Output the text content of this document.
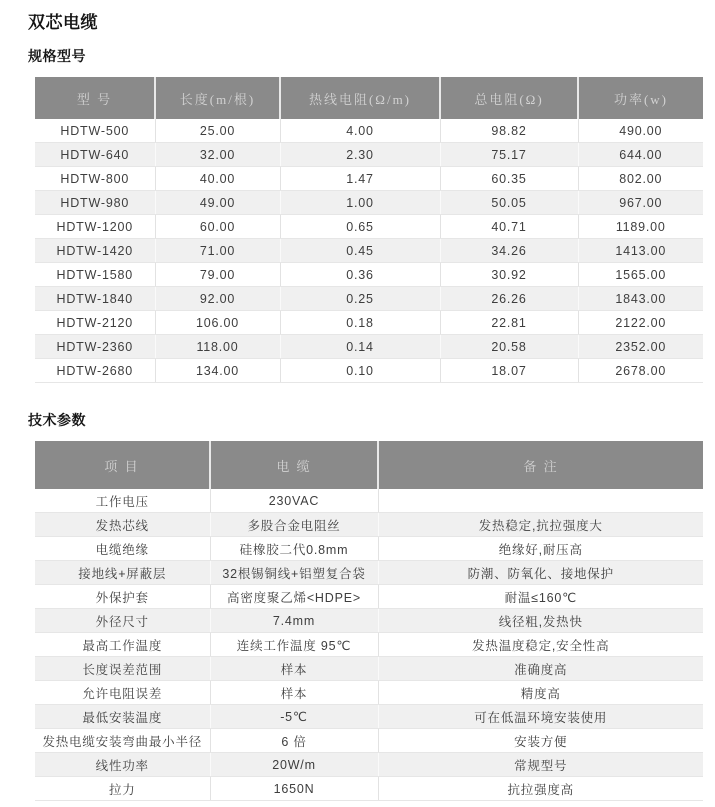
双芯电缆
规格型号
型 号	长度(m/根)	热线电阻(Ω/m)	总电阻(Ω)	功率(w)
HDTW-500	25.00	4.00	98.82	490.00
HDTW-640	32.00	2.30	75.17	644.00
HDTW-800	40.00	1.47	60.35	802.00
HDTW-980	49.00	1.00	50.05	967.00
HDTW-1200	60.00	0.65	40.71	1189.00
HDTW-1420	71.00	0.45	34.26	1413.00
HDTW-1580	79.00	0.36	30.92	1565.00
HDTW-1840	92.00	0.25	26.26	1843.00
HDTW-2120	106.00	0.18	22.81	2122.00
HDTW-2360	118.00	0.14	20.58	2352.00
HDTW-2680	134.00	0.10	18.07	2678.00
技术参数
项 目	电 缆	备 注
工作电压	230VAC	
发热芯线	多股合金电阻丝	发热稳定,抗拉强度大
电缆绝缘	硅橡胶二代0.8mm	绝缘好,耐压高
接地线+屏蔽层	32根锡铜线+铝塑复合袋	防潮、防氧化、接地保护
外保护套	高密度聚乙烯<HDPE>	耐温≤160℃
外径尺寸	7.4mm	线径粗,发热快
最高工作温度	连续工作温度 95℃	发热温度稳定,安全性高
长度误差范围	样本	准确度高
允许电阻误差	样本	精度高
最低安装温度	-5℃	可在低温环境安装使用
发热电缆安装弯曲最小半径	6 倍	安装方便
线性功率	20W/m	常规型号
拉力	1650N	抗拉强度高
